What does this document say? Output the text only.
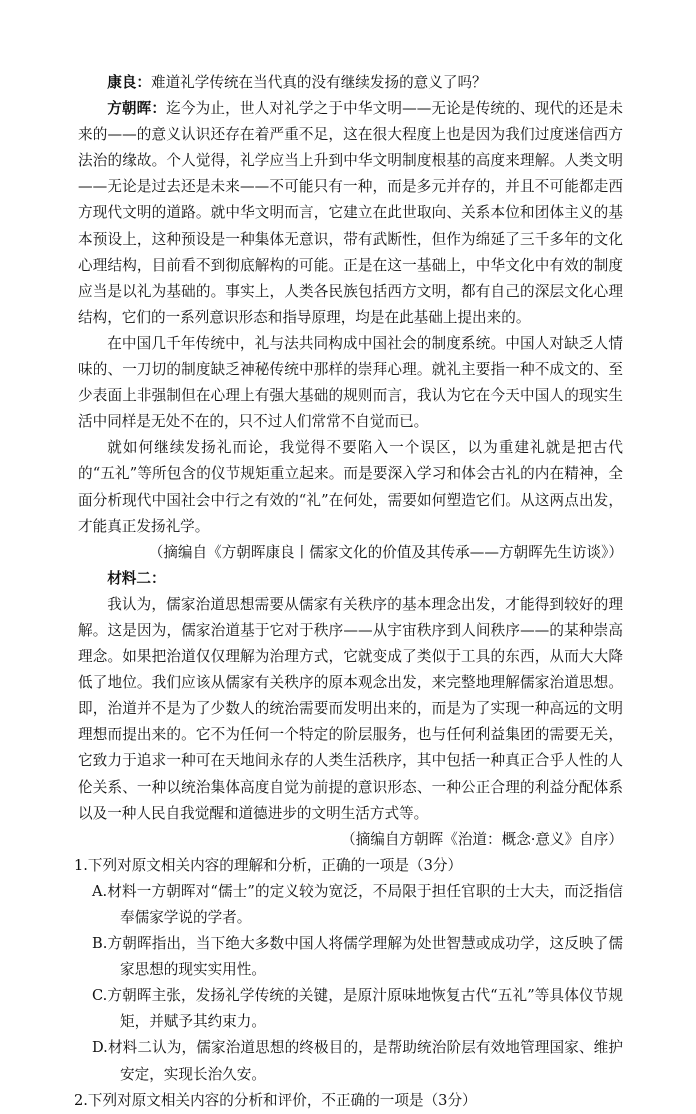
康良：难道礼学传统在当代真的没有继续发扬的意义了吗？

方朝晖：迄今为止，世人对礼学之于中华文明——无论是传统的、现代的还是未来的——的意义认识还存在着严重不足，这在很大程度上也是因为我们过度迷信西方法治的缘故。个人觉得，礼学应当上升到中华文明制度根基的高度来理解。人类文明——无论是过去还是未来——不可能只有一种，而是多元并存的，并且不可能都走西方现代文明的道路。就中华文明而言，它建立在此世取向、关系本位和团体主义的基本预设上，这种预设是一种集体无意识，带有武断性，但作为绵延了三千多年的文化心理结构，目前看不到彻底解构的可能。正是在这一基础上，中华文化中有效的制度应当是以礼为基础的。事实上，人类各民族包括西方文明，都有自己的深层文化心理结构，它们的一系列意识形态和指导原理，均是在此基础上提出来的。

在中国几千年传统中，礼与法共同构成中国社会的制度系统。中国人对缺乏人情味的、一刀切的制度缺乏神秘传统中那样的崇拜心理。就礼主要指一种不成文的、至少表面上非强制但在心理上有强大基础的规则而言，我认为它在今天中国人的现实生活中同样是无处不在的，只不过人们常常不自觉而已。

就如何继续发扬礼而论，我觉得不要陷入一个误区，以为重建礼就是把古代的“五礼”等所包含的仪节规矩重立起来。而是要深入学习和体会古礼的内在精神，全面分析现代中国社会中行之有效的“礼”在何处，需要如何塑造它们。从这两点出发，才能真正发扬礼学。

（摘编自《方朝晖康良丨儒家文化的价值及其传承——方朝晖先生访谈》）

材料二：

我认为，儒家治道思想需要从儒家有关秩序的基本理念出发，才能得到较好的理解。这是因为，儒家治道基于它对于秩序——从宇宙秩序到人间秩序——的某种崇高理念。如果把治道仅仅理解为治理方式，它就变成了类似于工具的东西，从而大大降低了地位。我们应该从儒家有关秩序的原本观念出发，来完整地理解儒家治道思想。即，治道并不是为了少数人的统治需要而发明出来的，而是为了实现一种高远的文明理想而提出来的。它不为任何一个特定的阶层服务，也与任何利益集团的需要无关，它致力于追求一种可在天地间永存的人类生活秩序，其中包括一种真正合乎人性的人伦关系、一种以统治集体高度自觉为前提的意识形态、一种公正合理的利益分配体系以及一种人民自我觉醒和道德进步的文明生活方式等。

（摘编自方朝晖《治道：概念·意义》自序）

1.下列对原文相关内容的理解和分析，正确的一项是（3分）

A.材料一方朝晖对“儒士”的定义较为宽泛，不局限于担任官职的士大夫，而泛指信奉儒家学说的学者。

B.方朝晖指出，当下绝大多数中国人将儒学理解为处世智慧或成功学，这反映了儒家思想的现实实用性。

C.方朝晖主张，发扬礼学传统的关键，是原汁原味地恢复古代“五礼”等具体仪节规矩，并赋予其约束力。

D.材料二认为，儒家治道思想的终极目的，是帮助统治阶层有效地管理国家、维护安定，实现长治久安。

2.下列对原文相关内容的分析和评价，不正确的一项是（3分）
